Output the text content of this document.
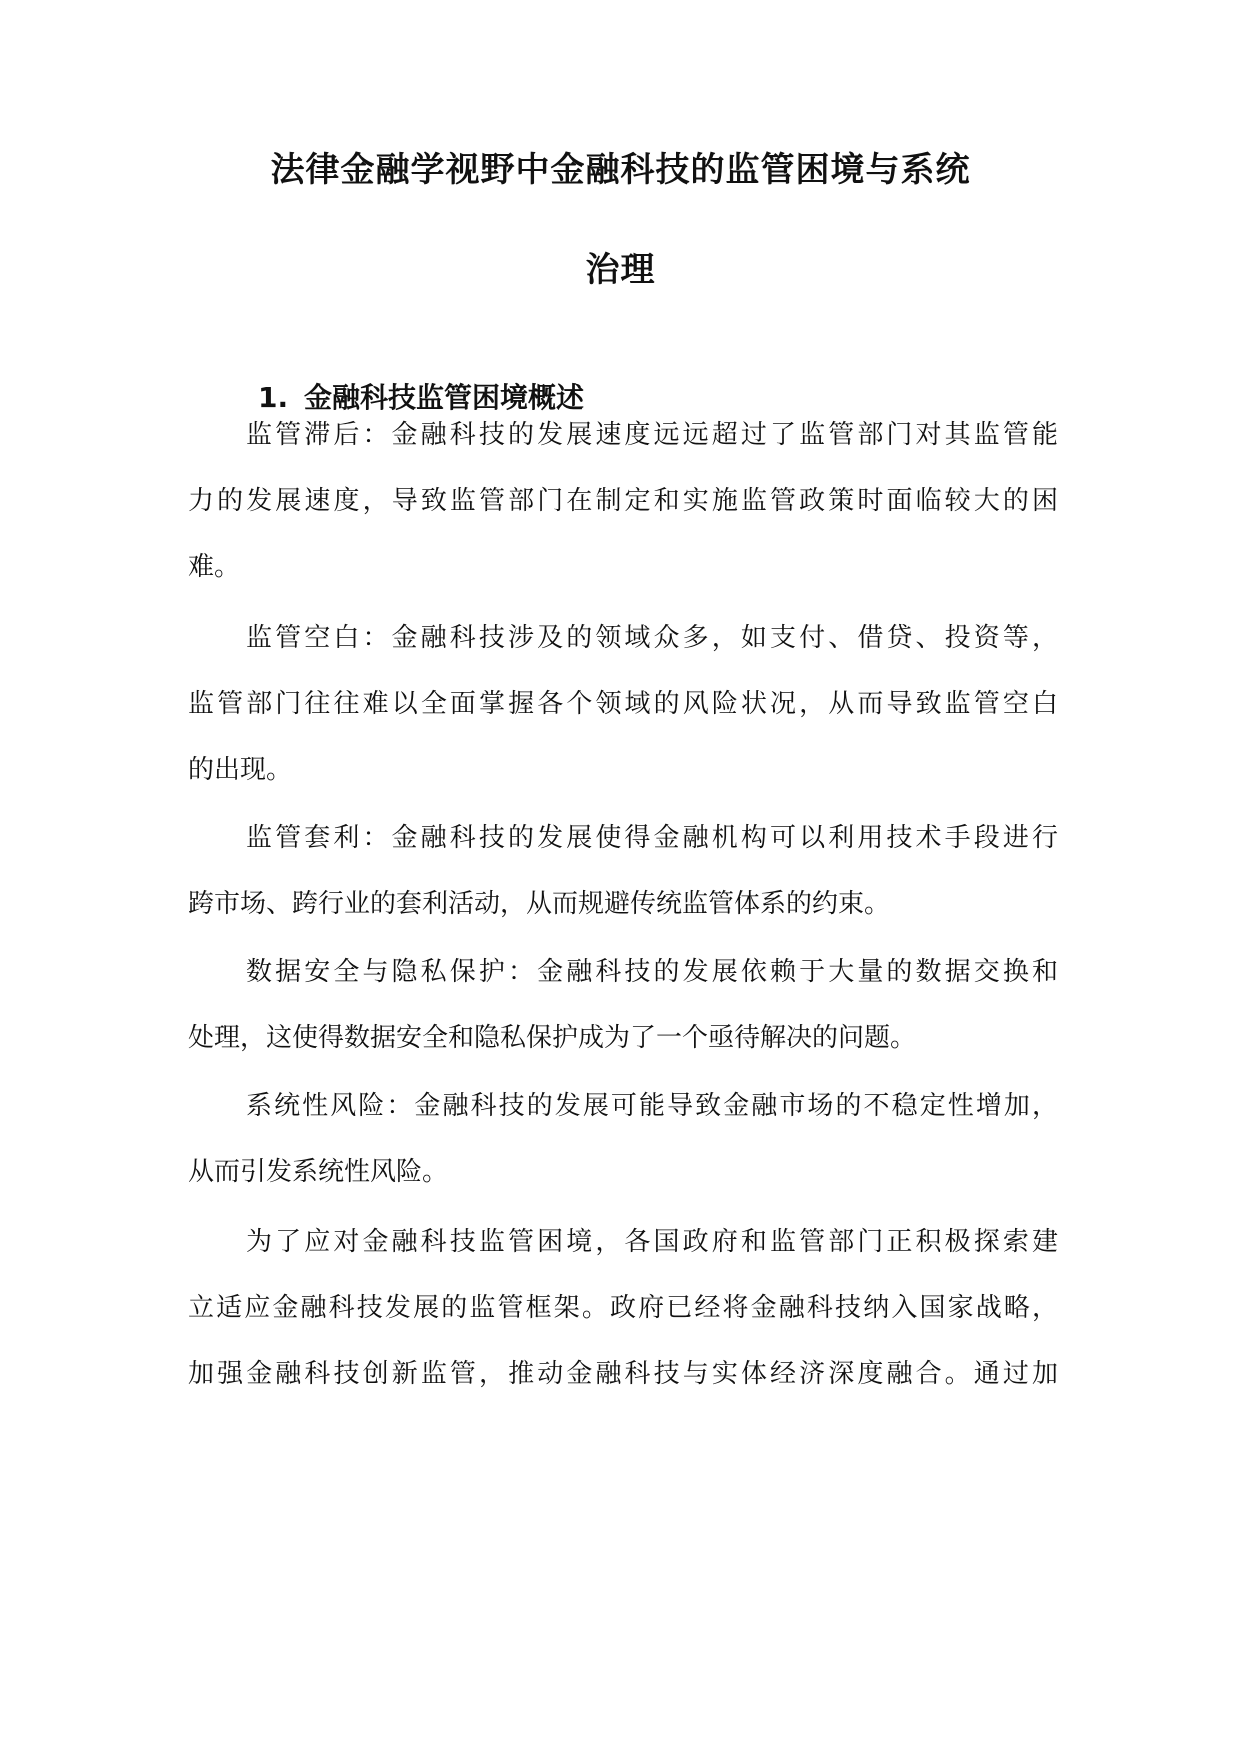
法律金融学视野中金融科技的监管困境与系统
治理
1. 金融科技监管困境概述
监管滞后：金融科技的发展速度远远超过了监管部门对其监管能
力的发展速度，导致监管部门在制定和实施监管政策时面临较大的困
难。
监管空白：金融科技涉及的领域众多，如支付、借贷、投资等，
监管部门往往难以全面掌握各个领域的风险状况，从而导致监管空白
的出现。
监管套利：金融科技的发展使得金融机构可以利用技术手段进行
跨市场、跨行业的套利活动，从而规避传统监管体系的约束。
数据安全与隐私保护：金融科技的发展依赖于大量的数据交换和
处理，这使得数据安全和隐私保护成为了一个亟待解决的问题。
系统性风险：金融科技的发展可能导致金融市场的不稳定性增加，
从而引发系统性风险。
为了应对金融科技监管困境，各国政府和监管部门正积极探索建
立适应金融科技发展的监管框架。政府已经将金融科技纳入国家战略，
加强金融科技创新监管，推动金融科技与实体经济深度融合。通过加
